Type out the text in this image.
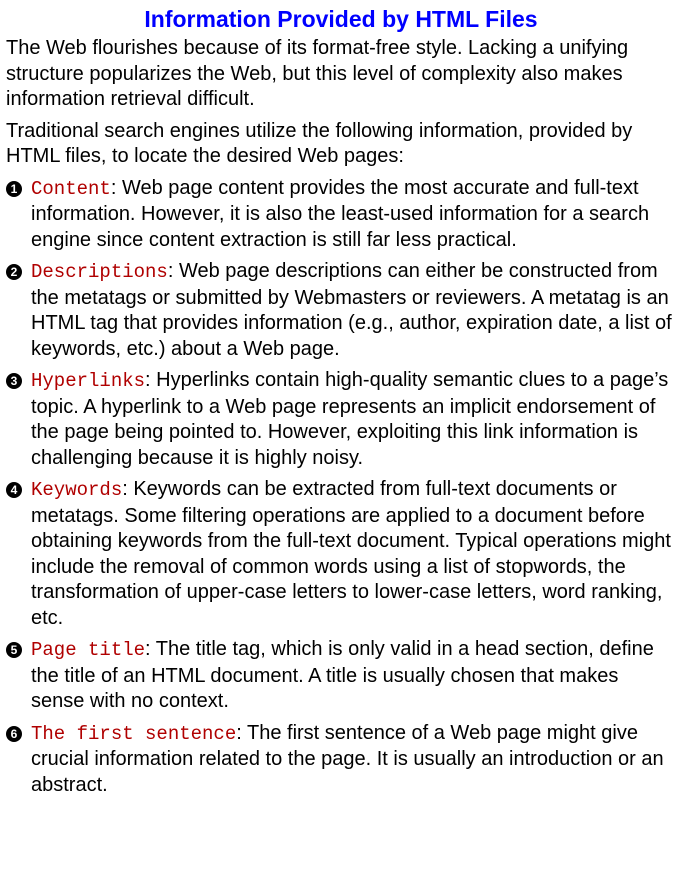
Information Provided by HTML Files

The Web flourishes because of its format-free style. Lacking a unifying structure popularizes the Web, but this level of complexity also makes information retrieval difficult.

Traditional search engines utilize the following information, provided by HTML files, to locate the desired Web pages:

1 Content: Web page content provides the most accurate and full-text information. However, it is also the least-used information for a search engine since content extraction is still far less practical.
2 Descriptions: Web page descriptions can either be constructed from the metatags or submitted by Webmasters or reviewers. A metatag is an HTML tag that provides information (e.g., author, expiration date, a list of keywords, etc.) about a Web page.
3 Hyperlinks: Hyperlinks contain high-quality semantic clues to a page’s topic. A hyperlink to a Web page represents an implicit endorsement of the page being pointed to. However, exploiting this link information is challenging because it is highly noisy.
4 Keywords: Keywords can be extracted from full-text documents or metatags. Some filtering operations are applied to a document before obtaining keywords from the full-text document. Typical operations might include the removal of common words using a list of stopwords, the transformation of upper-case letters to lower-case letters, word ranking, etc.
5 Page title: The title tag, which is only valid in a head section, define the title of an HTML document. A title is usually chosen that makes sense with no context.
6 The first sentence: The first sentence of a Web page might give crucial information related to the page. It is usually an introduction or an abstract.
